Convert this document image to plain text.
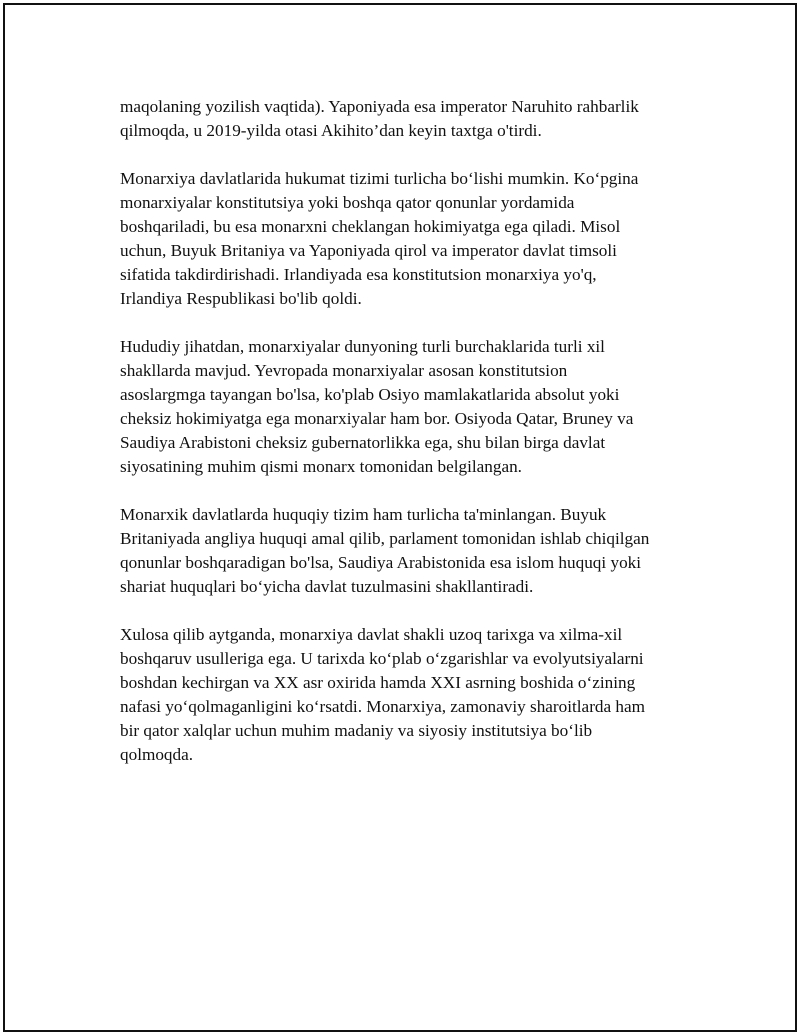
maqolaning yozilish vaqtida). Yaponiyada esa imperator Naruhito rahbarlik
qilmoqda, u 2019-yilda otasi Akihito’dan keyin taxtga o'tirdi.

Monarxiya davlatlarida hukumat tizimi turlicha bo‘lishi mumkin. Ko‘pgina
monarxiyalar konstitutsiya yoki boshqa qator qonunlar yordamida
boshqariladi, bu esa monarxni cheklangan hokimiyatga ega qiladi. Misol
uchun, Buyuk Britaniya va Yaponiyada qirol va imperator davlat timsoli
sifatida takdirdirishadi. Irlandiyada esa konstitutsion monarxiya yo'q,
Irlandiya Respublikasi bo'lib qoldi.

Hududiy jihatdan, monarxiyalar dunyoning turli burchaklarida turli xil
shakllarda mavjud. Yevropada monarxiyalar asosan konstitutsion
asoslargmga tayangan bo'lsa, ko'plab Osiyo mamlakatlarida absolut yoki
cheksiz hokimiyatga ega monarxiyalar ham bor. Osiyoda Qatar, Bruney va
Saudiya Arabistoni cheksiz gubernatorlikka ega, shu bilan birga davlat
siyosatining muhim qismi monarx tomonidan belgilangan.

Monarxik davlatlarda huquqiy tizim ham turlicha ta'minlangan. Buyuk
Britaniyada angliya huquqi amal qilib, parlament tomonidan ishlab chiqilgan
qonunlar boshqaradigan bo'lsa, Saudiya Arabistonida esa islom huquqi yoki
shariat huquqlari bo‘yicha davlat tuzulmasini shakllantiradi.

Xulosa qilib aytganda, monarxiya davlat shakli uzoq tarixga va xilma-xil
boshqaruv usulleriga ega. U tarixda ko‘plab o‘zgarishlar va evolyutsiyalarni
boshdan kechirgan va XX asr oxirida hamda XXI asrning boshida o‘zining
nafasi yo‘qolmaganligini ko‘rsatdi. Monarxiya, zamonaviy sharoitlarda ham
bir qator xalqlar uchun muhim madaniy va siyosiy institutsiya bo‘lib
qolmoqda.
